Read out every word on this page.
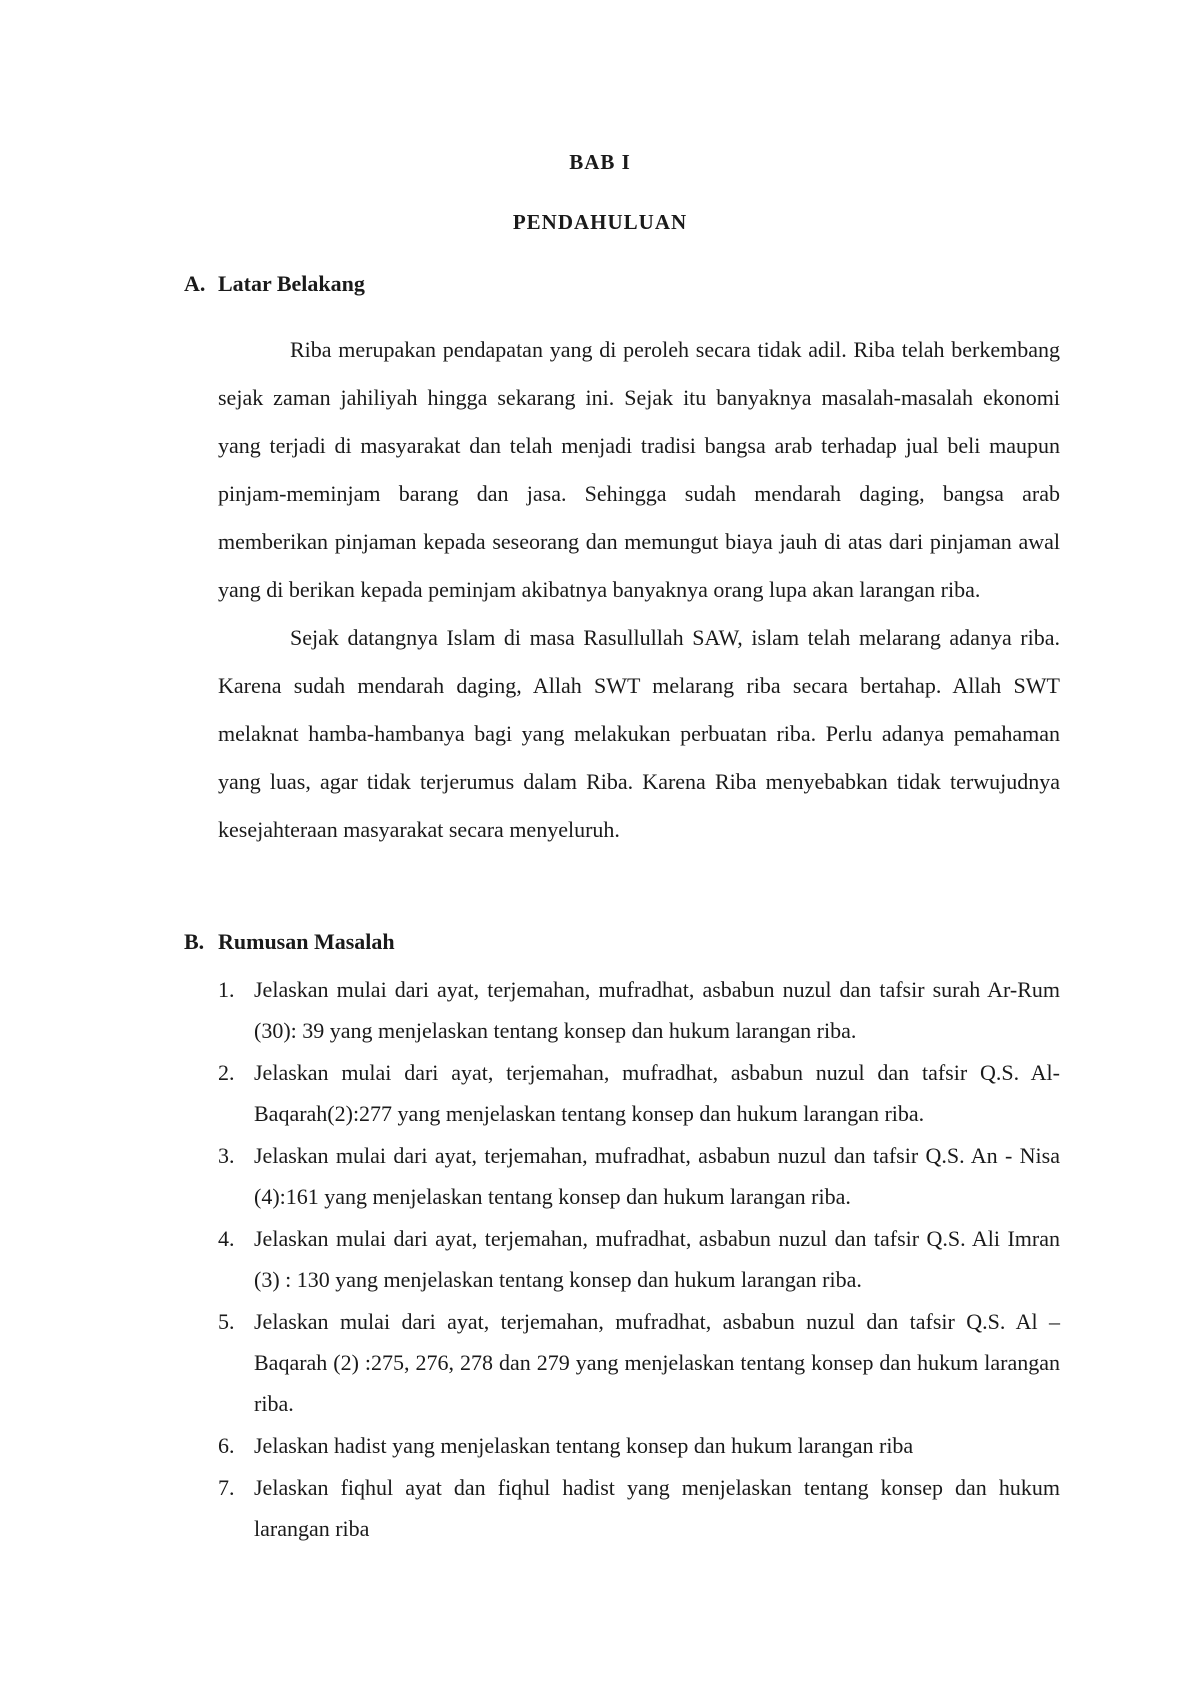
BAB I
PENDAHULUAN
A. Latar Belakang

Riba merupakan pendapatan yang di peroleh secara tidak adil. Riba telah berkembang sejak zaman jahiliyah hingga sekarang ini. Sejak itu banyaknya masalah-masalah ekonomi yang terjadi di masyarakat dan telah menjadi tradisi bangsa arab terhadap jual beli maupun pinjam-meminjam barang dan jasa. Sehingga sudah mendarah daging, bangsa arab memberikan pinjaman kepada seseorang dan memungut biaya jauh di atas dari pinjaman awal yang di berikan kepada peminjam akibatnya banyaknya orang lupa akan larangan riba.

Sejak datangnya Islam di masa Rasullullah SAW, islam telah melarang adanya riba. Karena sudah mendarah daging, Allah SWT melarang riba secara bertahap. Allah SWT melaknat hamba-hambanya bagi yang melakukan perbuatan riba. Perlu adanya pemahaman yang luas, agar tidak terjerumus dalam Riba. Karena Riba menyebabkan tidak terwujudnya kesejahteraan masyarakat secara menyeluruh.

B. Rumusan Masalah
1. Jelaskan mulai dari ayat, terjemahan, mufradhat, asbabun nuzul dan tafsir surah Ar-Rum (30): 39 yang menjelaskan tentang konsep dan hukum larangan riba.
2. Jelaskan mulai dari ayat, terjemahan, mufradhat, asbabun nuzul dan tafsir Q.S. Al-Baqarah(2):277 yang menjelaskan tentang konsep dan hukum larangan riba.
3. Jelaskan mulai dari ayat, terjemahan, mufradhat, asbabun nuzul dan tafsir Q.S. An - Nisa (4):161 yang menjelaskan tentang konsep dan hukum larangan riba.
4. Jelaskan mulai dari ayat, terjemahan, mufradhat, asbabun nuzul dan tafsir Q.S. Ali Imran (3) : 130 yang menjelaskan tentang konsep dan hukum larangan riba.
5. Jelaskan mulai dari ayat, terjemahan, mufradhat, asbabun nuzul dan tafsir Q.S. Al – Baqarah (2) :275, 276, 278 dan 279 yang menjelaskan tentang konsep dan hukum larangan riba.
6. Jelaskan hadist yang menjelaskan tentang konsep dan hukum larangan riba
7. Jelaskan fiqhul ayat dan fiqhul hadist yang menjelaskan tentang konsep dan hukum larangan riba
